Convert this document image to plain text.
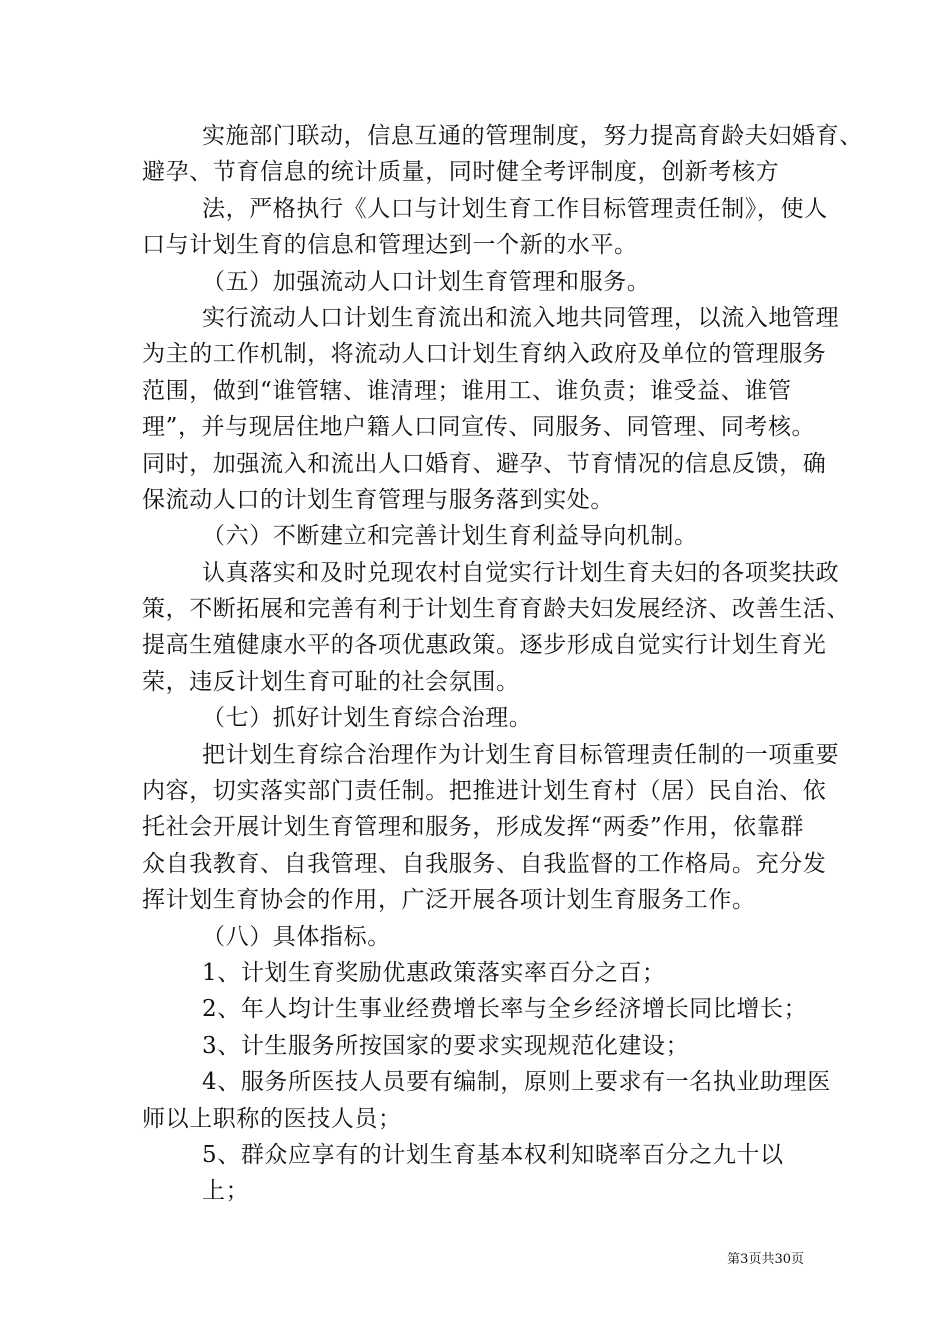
实施部门联动，信息互通的管理制度，努力提高育龄夫妇婚育、
避孕、节育信息的统计质量，同时健全考评制度，创新考核方
法，严格执行《人口与计划生育工作目标管理责任制》，使人
口与计划生育的信息和管理达到一个新的水平。
（五）加强流动人口计划生育管理和服务。
实行流动人口计划生育流出和流入地共同管理，以流入地管理
为主的工作机制，将流动人口计划生育纳入政府及单位的管理服务
范围，做到“谁管辖、谁清理；谁用工、谁负责；谁受益、谁管
理”，并与现居住地户籍人口同宣传、同服务、同管理、同考核。
同时，加强流入和流出人口婚育、避孕、节育情况的信息反馈，确
保流动人口的计划生育管理与服务落到实处。
（六）不断建立和完善计划生育利益导向机制。
认真落实和及时兑现农村自觉实行计划生育夫妇的各项奖扶政
策，不断拓展和完善有利于计划生育育龄夫妇发展经济、改善生活、
提高生殖健康水平的各项优惠政策。逐步形成自觉实行计划生育光
荣，违反计划生育可耻的社会氛围。
（七）抓好计划生育综合治理。
把计划生育综合治理作为计划生育目标管理责任制的一项重要
内容，切实落实部门责任制。把推进计划生育村（居）民自治、依
托社会开展计划生育管理和服务，形成发挥“两委”作用，依靠群
众自我教育、自我管理、自我服务、自我监督的工作格局。充分发
挥计划生育协会的作用，广泛开展各项计划生育服务工作。
（八）具体指标。
1、计划生育奖励优惠政策落实率百分之百；
2、年人均计生事业经费增长率与全乡经济增长同比增长；
3、计生服务所按国家的要求实现规范化建设；
4、服务所医技人员要有编制，原则上要求有一名执业助理医
师以上职称的医技人员；
5、群众应享有的计划生育基本权利知晓率百分之九十以
上；
第3页共30页
